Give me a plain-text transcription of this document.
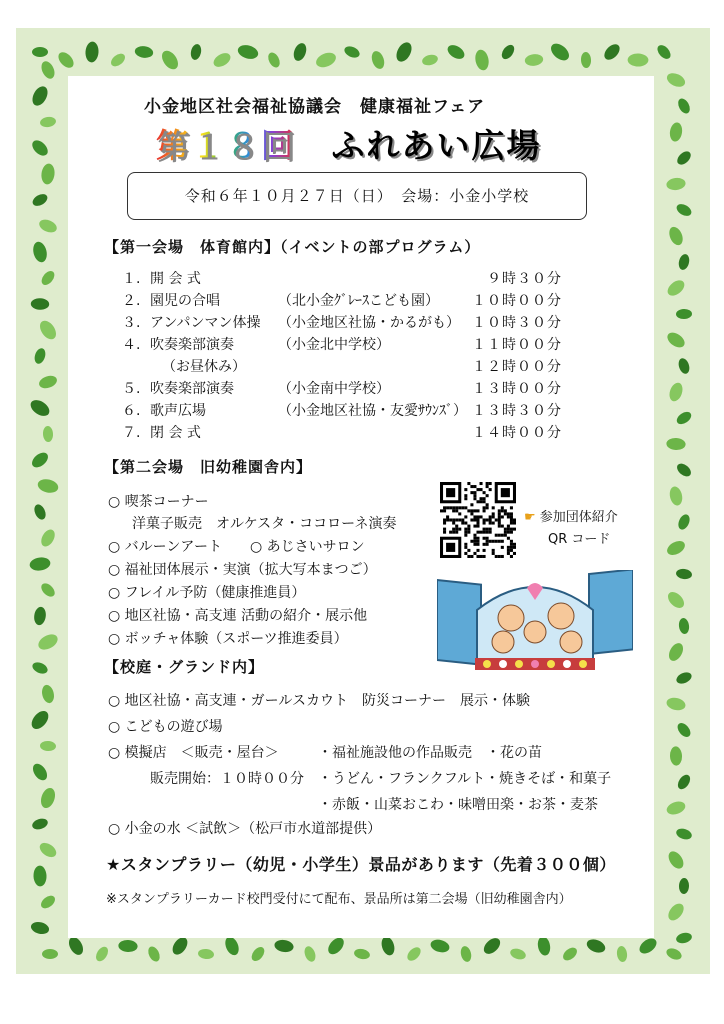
小金地区社会福祉協議会　健康福祉フェア
第１８回 ふれあい広場
令和６年１０月２７日（日）　会場：小金小学校
【第一会場　体育館内】（イベントの部プログラム）
１. 開 会 式	９時３０分
２. 園児の合唱	（北小金ｸﾞﾚｰｽこども園） １０時００分
３. アンパンマン体操 （小金地区社協・かるがも） １０時３０分
４. 吹奏楽部演奏	（小金北中学校）	１１時００分
（お昼休み）	１２時００分
５. 吹奏楽部演奏	（小金南中学校）	１３時００分
６. 歌声広場	（小金地区社協・友愛ｻｳﾝｽﾞ） １３時３０分
７. 閉 会 式	１４時００分
【第二会場　旧幼稚園舎内】
○ 喫茶コーナー
洋菓子販売　オルケスタ・ココローネ演奏
○ バルーンアート　　○ あじさいサロン
○ 福祉団体展示・実演（拡大写本まつご）
○ フレイル予防（健康推進員）
○ 地区社協・高支連 活動の紹介・展示他
○ ボッチャ体験（スポーツ推進委員）
☛ 参加団体紹介
QR コード
【校庭・グランド内】
○ 地区社協・高支連・ガールスカウト　防災コーナー　展示・体験
○ こどもの遊び場
○ 模擬店　＜販売・屋台＞	・福祉施設他の作品販売　・花の苗
販売開始：１０時００分 ・うどん・フランクフルト・焼きそば・和菓子
・赤飯・山菜おこわ・味噌田楽・お茶・麦茶
○ 小金の水 ＜試飲＞（松戸市水道部提供）
★スタンプラリー（幼児・小学生）景品があります（先着３００個）
※スタンプラリーカード校門受付にて配布、景品所は第二会場（旧幼稚園舎内）
